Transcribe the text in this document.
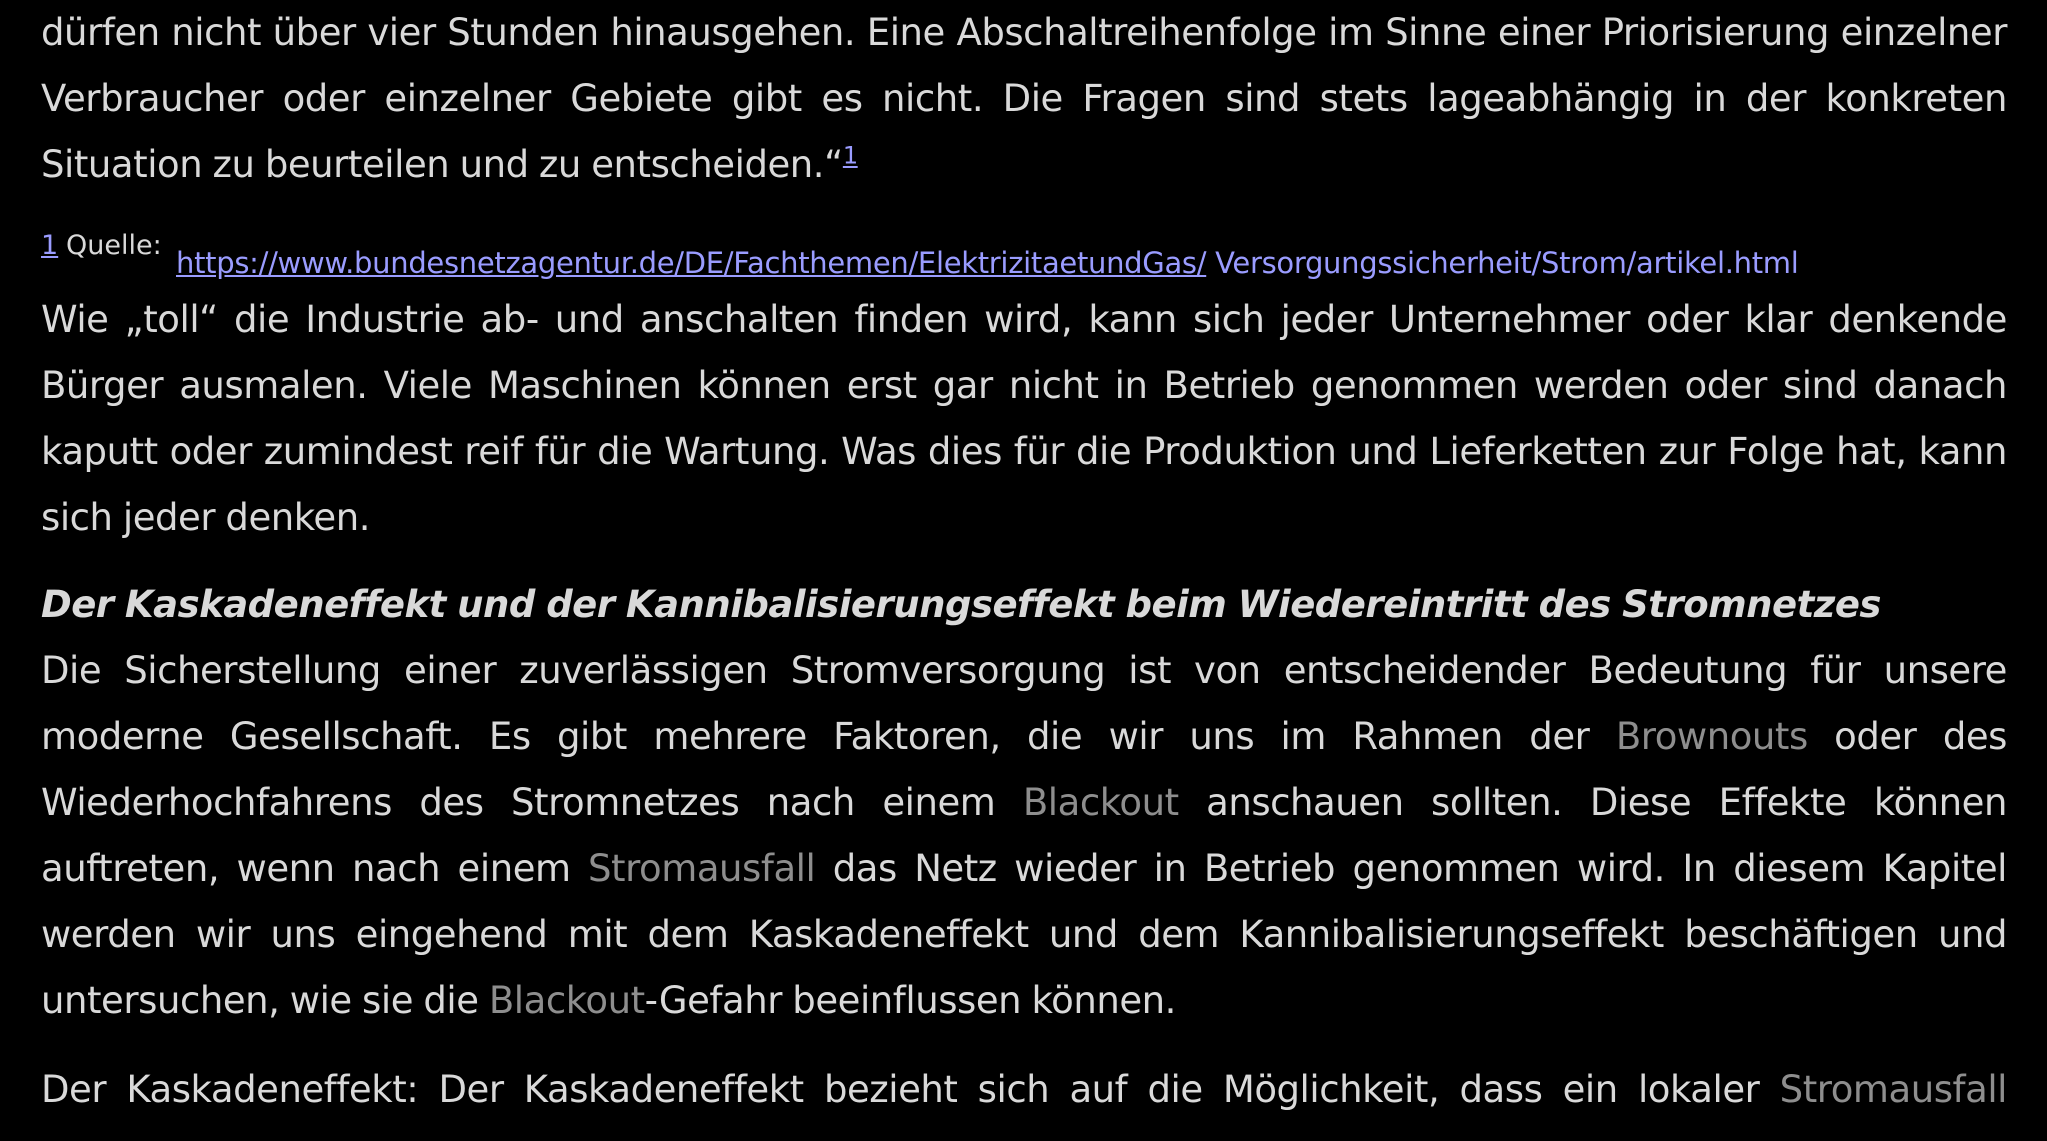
dürfen nicht über vier Stunden hinausgehen. Eine Abschaltreihenfolge im Sinne einer Priorisierung einzelner Verbraucher oder einzelner Gebiete gibt es nicht. Die Fragen sind stets lageabhängig in der konkreten Situation zu beurteilen und zu entscheiden.“$^1$

1 Quelle:
https://www.bundesnetzagentur.de/DE/Fachthemen/ElektrizitaetundGas/ Versorgungssicherheit/Strom/artikel.html

Wie „toll“ die Industrie ab- und anschalten finden wird, kann sich jeder Unternehmer oder klar denkende Bürger ausmalen. Viele Maschinen können erst gar nicht in Betrieb genommen werden oder sind danach kaputt oder zumindest reif für die Wartung. Was dies für die Produktion und Lieferketten zur Folge hat, kann sich jeder denken.

Der Kaskadeneffekt und der Kannibalisierungseffekt beim Wiedereintritt des Stromnetzes

Die Sicherstellung einer zuverlässigen Stromversorgung ist von entscheidender Bedeutung für unsere moderne Gesellschaft. Es gibt mehrere Faktoren, die wir uns im Rahmen der Brownouts oder des Wiederhochfahrens des Stromnetzes nach einem Blackout anschauen sollten. Diese Effekte können auftreten, wenn nach einem Stromausfall das Netz wieder in Betrieb genommen wird. In diesem Kapitel werden wir uns eingehend mit dem Kaskadeneffekt und dem Kannibalisierungseffekt beschäftigen und untersuchen, wie sie die Blackout-Gefahr beeinflussen können.

Der Kaskadeneffekt: Der Kaskadeneffekt bezieht sich auf die Möglichkeit, dass ein lokaler Stromausfall
